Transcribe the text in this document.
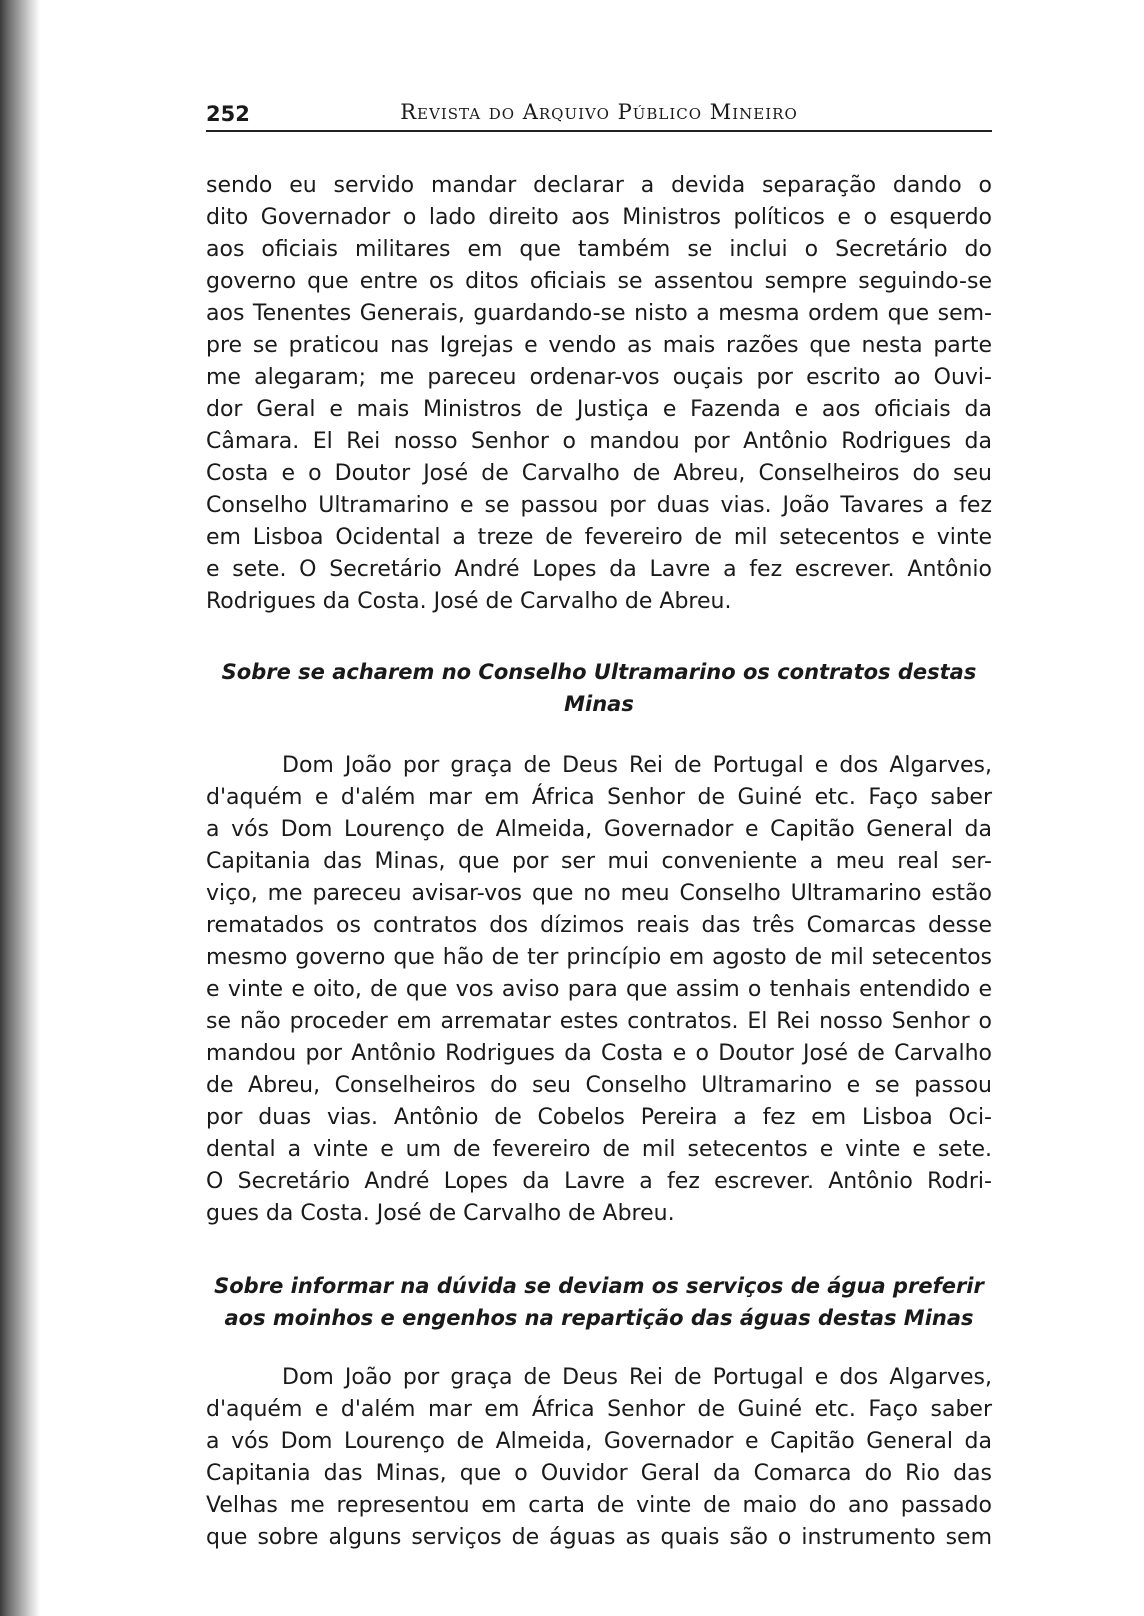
252	Revista do Arquivo Público Mineiro

sendo eu servido mandar declarar a devida separação dando o
dito Governador o lado direito aos Ministros políticos e o esquerdo
aos oficiais militares em que também se inclui o Secretário do
governo que entre os ditos oficiais se assentou sempre seguindo-se
aos Tenentes Generais, guardando-se nisto a mesma ordem que sem-
pre se praticou nas Igrejas e vendo as mais razões que nesta parte
me alegaram; me pareceu ordenar-vos ouçais por escrito ao Ouvi-
dor Geral e mais Ministros de Justiça e Fazenda e aos oficiais da
Câmara. El Rei nosso Senhor o mandou por Antônio Rodrigues da
Costa e o Doutor José de Carvalho de Abreu, Conselheiros do seu
Conselho Ultramarino e se passou por duas vias. João Tavares a fez
em Lisboa Ocidental a treze de fevereiro de mil setecentos e vinte
e sete. O Secretário André Lopes da Lavre a fez escrever. Antônio
Rodrigues da Costa. José de Carvalho de Abreu.

Sobre se acharem no Conselho Ultramarino os contratos destas Minas

Dom João por graça de Deus Rei de Portugal e dos Algarves,
d'aquém e d'além mar em África Senhor de Guiné etc. Faço saber
a vós Dom Lourenço de Almeida, Governador e Capitão General da
Capitania das Minas, que por ser mui conveniente a meu real ser-
viço, me pareceu avisar-vos que no meu Conselho Ultramarino estão
rematados os contratos dos dízimos reais das três Comarcas desse
mesmo governo que hão de ter princípio em agosto de mil setecentos
e vinte e oito, de que vos aviso para que assim o tenhais entendido e
se não proceder em arrematar estes contratos. El Rei nosso Senhor o
mandou por Antônio Rodrigues da Costa e o Doutor José de Carvalho
de Abreu, Conselheiros do seu Conselho Ultramarino e se passou
por duas vias. Antônio de Cobelos Pereira a fez em Lisboa Oci-
dental a vinte e um de fevereiro de mil setecentos e vinte e sete.
O Secretário André Lopes da Lavre a fez escrever. Antônio Rodri-
gues da Costa. José de Carvalho de Abreu.

Sobre informar na dúvida se deviam os serviços de água preferir
aos moinhos e engenhos na repartição das águas destas Minas

Dom João por graça de Deus Rei de Portugal e dos Algarves,
d'aquém e d'além mar em África Senhor de Guiné etc. Faço saber
a vós Dom Lourenço de Almeida, Governador e Capitão General da
Capitania das Minas, que o Ouvidor Geral da Comarca do Rio das
Velhas me representou em carta de vinte de maio do ano passado
que sobre alguns serviços de águas as quais são o instrumento sem
